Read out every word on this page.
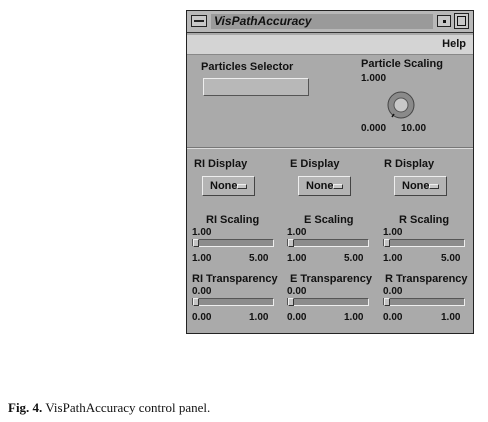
VisPathAccuracy
Help
Particles Selector	Particle Scaling
1.000
0.000 10.00
RI Display
None
E Display
None
R Display
None
RI Scaling
1.00
1.00	5.00
E Scaling
1.00
1.00	5.00
R Scaling
1.00
1.00	5.00
RI Transparency
0.00
0.00	1.00
E Transparency
0.00
0.00	1.00
R Transparency
0.00
0.00	1.00
Fig. 4. VisPathAccuracy control panel.
